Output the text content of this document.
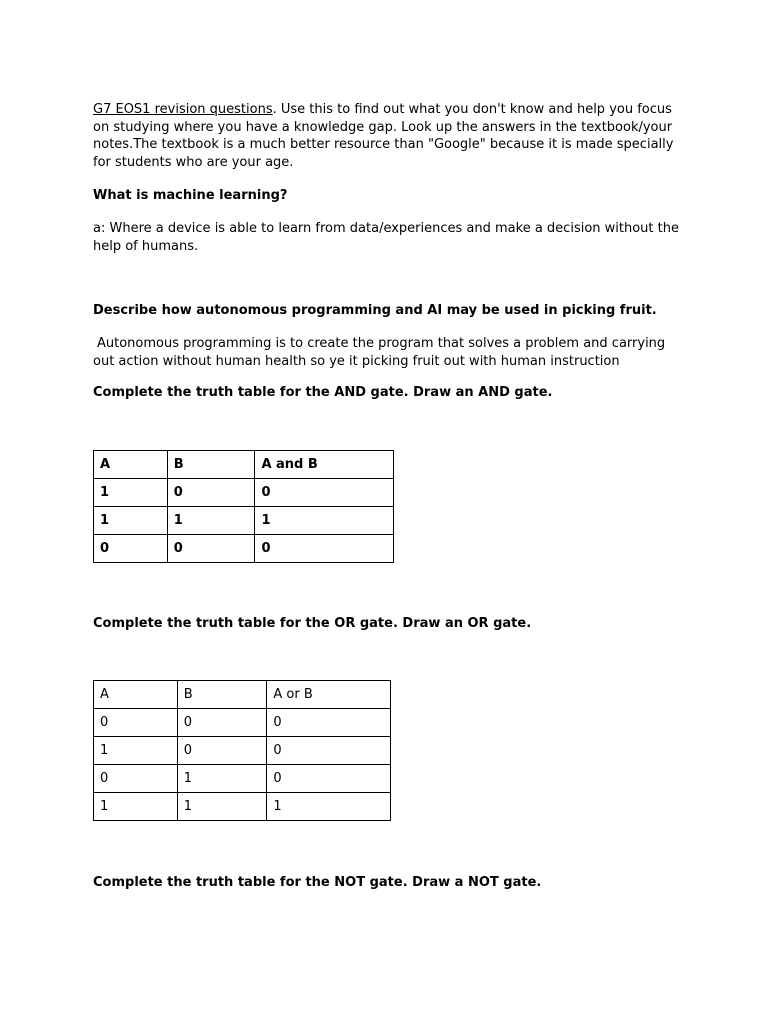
G7 EOS1 revision questions. Use this to find out what you don't know and help you focus on studying where you have a knowledge gap. Look up the answers in the textbook/your notes.The textbook is a much better resource than "Google" because it is made specially for students who are your age.

What is machine learning?

a: Where a device is able to learn from data/experiences and make a decision without the help of humans.

Describe how autonomous programming and AI may be used in picking fruit.

Autonomous programming is to create the program that solves a problem and carrying out action without human health so ye it picking fruit out with human instruction

Complete the truth table for the AND gate. Draw an AND gate.

A	B	A and B
1	0	0
1	1	1
0	0	0

Complete the truth table for the OR gate. Draw an OR gate.

A	B	A or B
0	0	0
1	0	0
0	1	0
1	1	1

Complete the truth table for the NOT gate. Draw a NOT gate.
